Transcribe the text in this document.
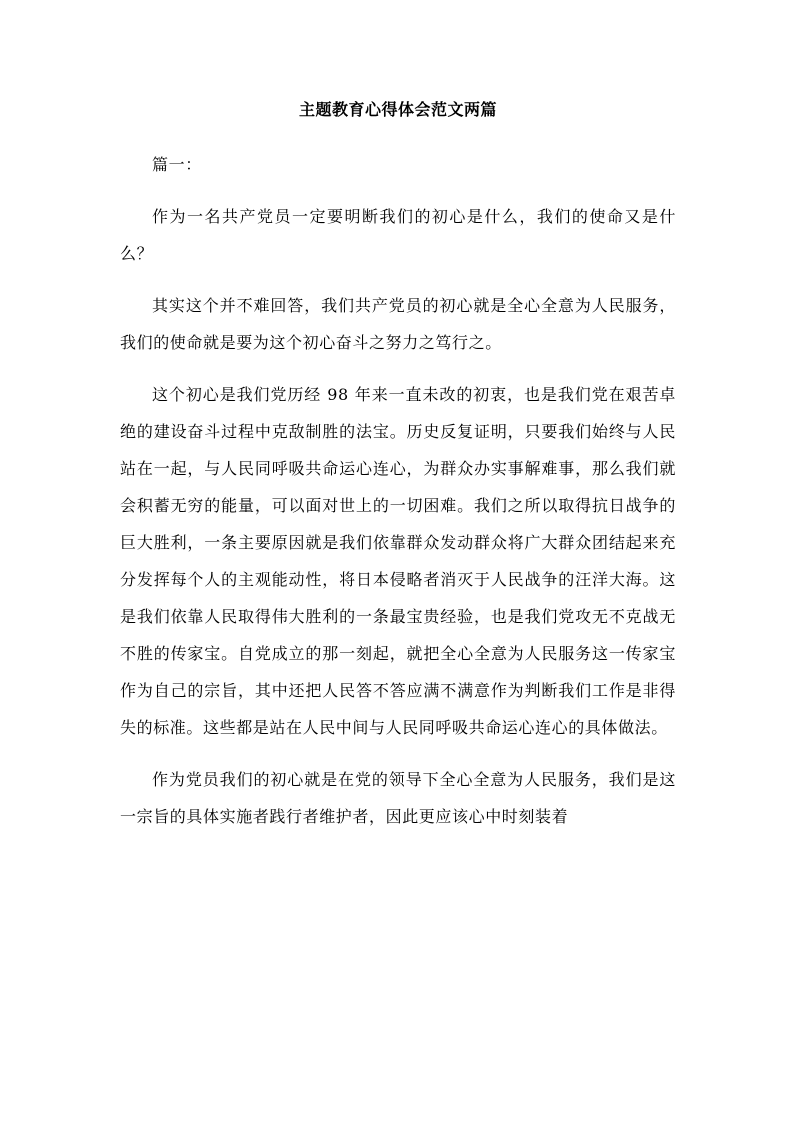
主题教育心得体会范文两篇

篇一：

作为一名共产党员一定要明断我们的初心是什么，我们的使命又是什么？

其实这个并不难回答，我们共产党员的初心就是全心全意为人民服务，我们的使命就是要为这个初心奋斗之努力之笃行之。

这个初心是我们党历经 98 年来一直未改的初衷，也是我们党在艰苦卓绝的建设奋斗过程中克敌制胜的法宝。历史反复证明，只要我们始终与人民站在一起，与人民同呼吸共命运心连心，为群众办实事解难事，那么我们就会积蓄无穷的能量，可以面对世上的一切困难。我们之所以取得抗日战争的巨大胜利，一条主要原因就是我们依靠群众发动群众将广大群众团结起来充分发挥每个人的主观能动性，将日本侵略者消灭于人民战争的汪洋大海。这是我们依靠人民取得伟大胜利的一条最宝贵经验，也是我们党攻无不克战无不胜的传家宝。自党成立的那一刻起，就把全心全意为人民服务这一传家宝作为自己的宗旨，其中还把人民答不答应满不满意作为判断我们工作是非得失的标准。这些都是站在人民中间与人民同呼吸共命运心连心的具体做法。

作为党员我们的初心就是在党的领导下全心全意为人民服务，我们是这一宗旨的具体实施者践行者维护者，因此更应该心中时刻装着
